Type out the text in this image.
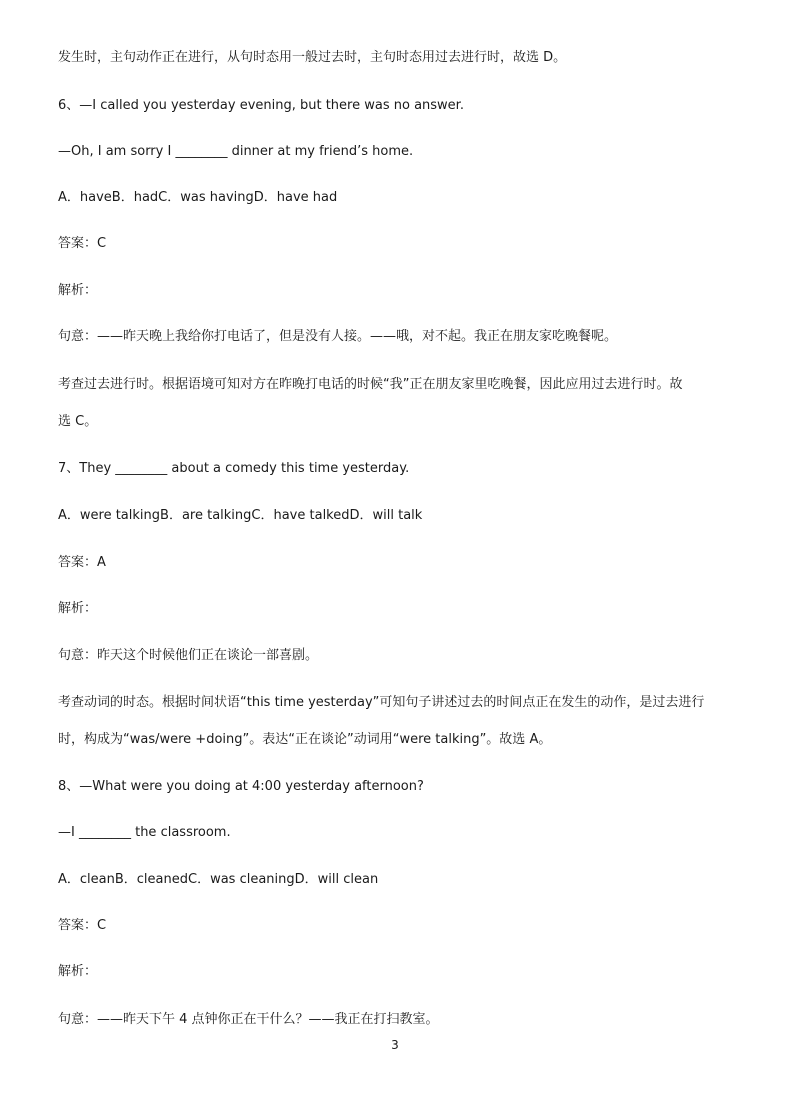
发生时，主句动作正在进行，从句时态用一般过去时，主句时态用过去进行时，故选 D。
6、—I called you yesterday evening, but there was no answer.
—Oh, I am sorry I ________ dinner at my friend’s home.
A．haveB．hadC．was havingD．have had
答案：C
解析：
句意：——昨天晚上我给你打电话了，但是没有人接。——哦，对不起。我正在朋友家吃晚餐呢。
考查过去进行时。根据语境可知对方在昨晚打电话的时候“我”正在朋友家里吃晚餐，因此应用过去进行时。故
选 C。
7、They ________ about a comedy this time yesterday.
A．were talkingB．are talkingC．have talkedD．will talk
答案：A
解析：
句意：昨天这个时候他们正在谈论一部喜剧。
考查动词的时态。根据时间状语“this time yesterday”可知句子讲述过去的时间点正在发生的动作，是过去进行
时，构成为“was/were +doing”。表达“正在谈论”动词用“were talking”。故选 A。
8、—What were you doing at 4:00 yesterday afternoon?
—I ________ the classroom.
A．cleanB．cleanedC．was cleaningD．will clean
答案：C
解析：
句意：——昨天下午 4 点钟你正在干什么？——我正在打扫教室。
3
